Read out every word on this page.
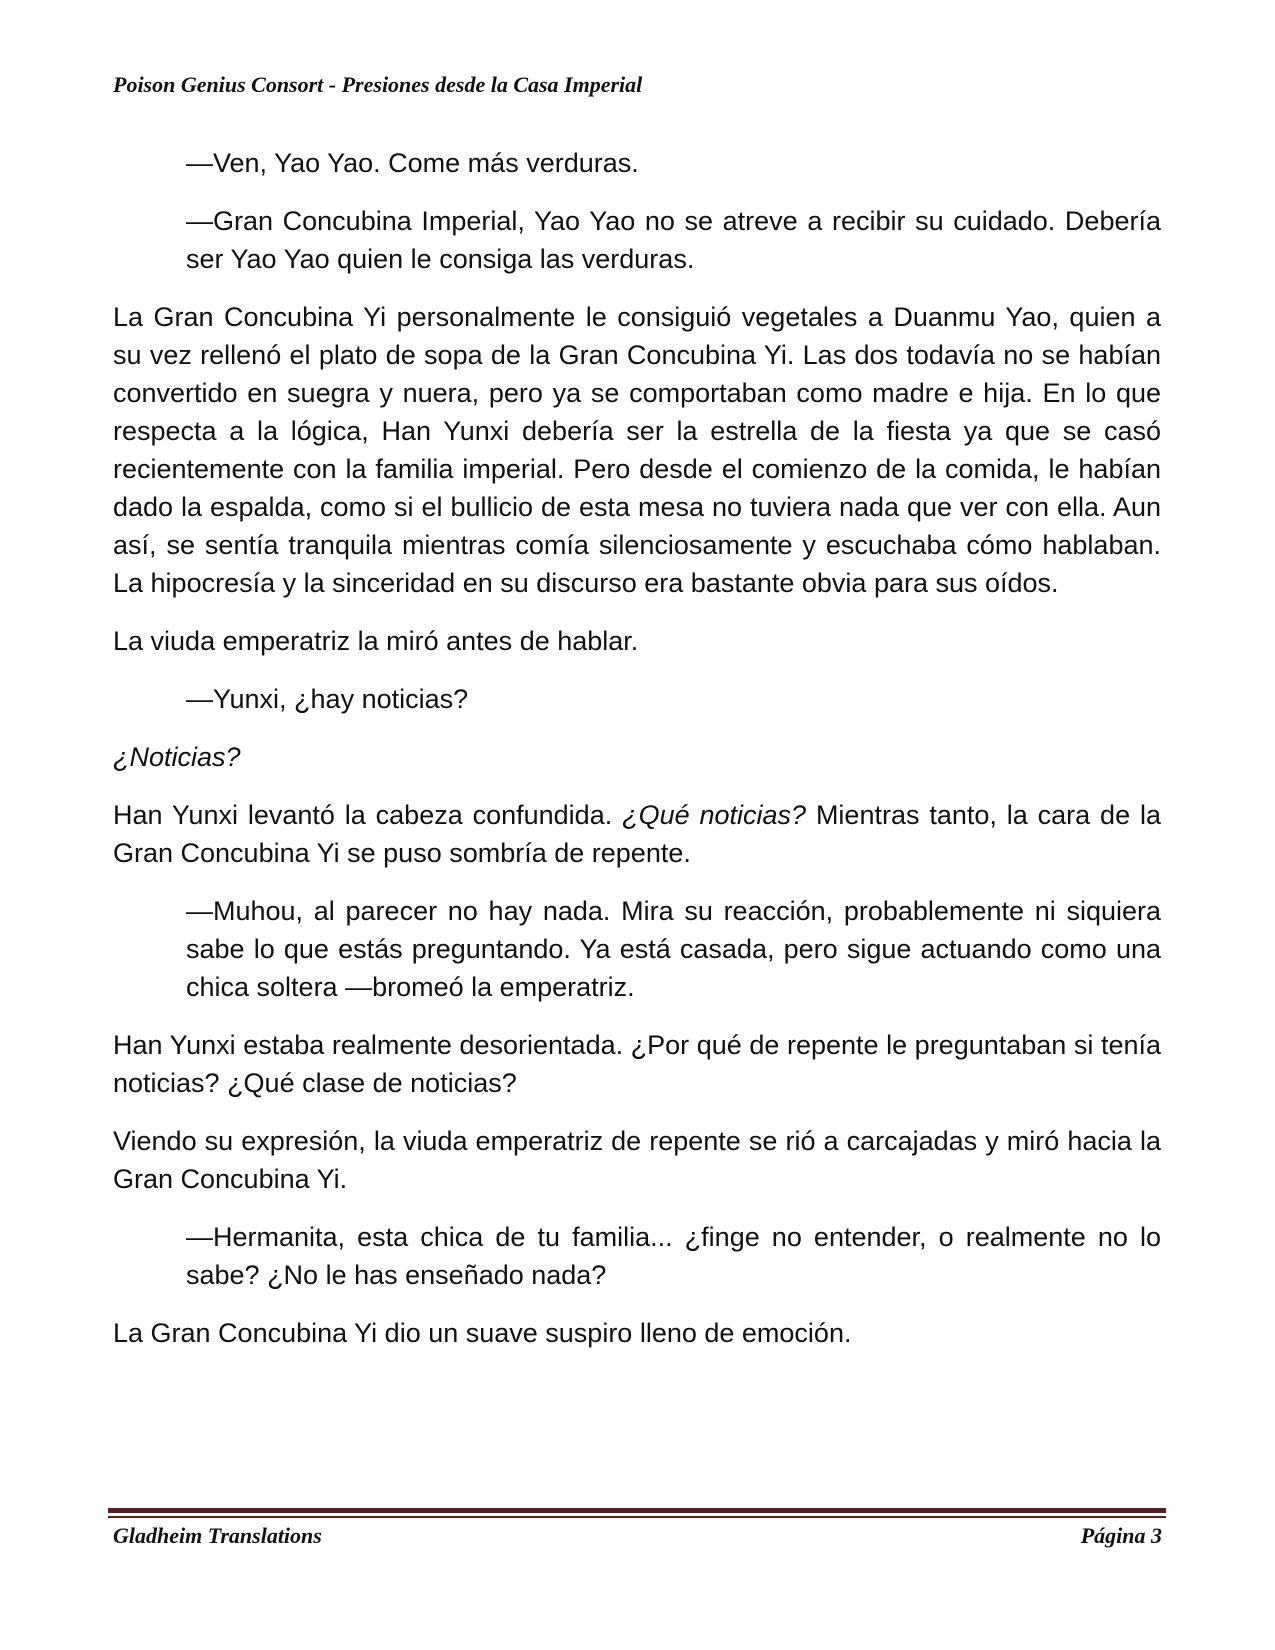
Poison Genius Consort - Presiones desde la Casa Imperial

—Ven, Yao Yao. Come más verduras.

—Gran Concubina Imperial, Yao Yao no se atreve a recibir su cuidado. Debería ser Yao Yao quien le consiga las verduras.

La Gran Concubina Yi personalmente le consiguió vegetales a Duanmu Yao, quien a su vez rellenó el plato de sopa de la Gran Concubina Yi. Las dos todavía no se habían convertido en suegra y nuera, pero ya se comportaban como madre e hija. En lo que respecta a la lógica, Han Yunxi debería ser la estrella de la fiesta ya que se casó recientemente con la familia imperial. Pero desde el comienzo de la comida, le habían dado la espalda, como si el bullicio de esta mesa no tuviera nada que ver con ella. Aun así, se sentía tranquila mientras comía silenciosamente y escuchaba cómo hablaban. La hipocresía y la sinceridad en su discurso era bastante obvia para sus oídos.

La viuda emperatriz la miró antes de hablar.

—Yunxi, ¿hay noticias?

¿Noticias?

Han Yunxi levantó la cabeza confundida. ¿Qué noticias? Mientras tanto, la cara de la Gran Concubina Yi se puso sombría de repente.

—Muhou, al parecer no hay nada. Mira su reacción, probablemente ni siquiera sabe lo que estás preguntando. Ya está casada, pero sigue actuando como una chica soltera —bromeó la emperatriz.

Han Yunxi estaba realmente desorientada. ¿Por qué de repente le preguntaban si tenía noticias? ¿Qué clase de noticias?

Viendo su expresión, la viuda emperatriz de repente se rió a carcajadas y miró hacia la Gran Concubina Yi.

—Hermanita, esta chica de tu familia... ¿finge no entender, o realmente no lo sabe? ¿No le has enseñado nada?

La Gran Concubina Yi dio un suave suspiro lleno de emoción.

Gladheim Translations	Página 3
